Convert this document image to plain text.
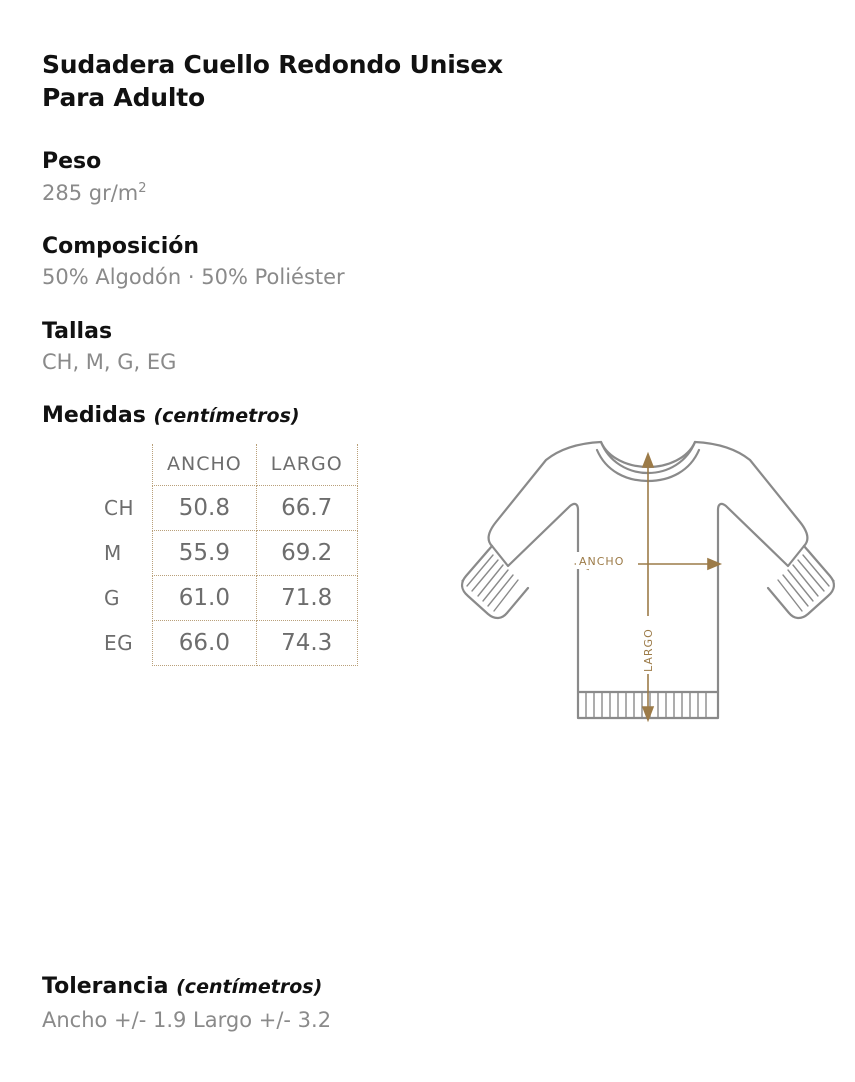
Sudadera Cuello Redondo Unisex Para Adulto
Peso
285 $gr/m^2$
Composición
50% Algodón · 50% Poliéster
Tallas
CH, M, G, EG
Medidas (centímetros)
	ANCHO	LARGO
CH	50.8	66.7
M	55.9	69.2
G	61.0	71.8
EG	66.0	74.3
ANCHO
LARGO
Tolerancia (centímetros)
Ancho +/- 1.9 Largo +/- 3.2
